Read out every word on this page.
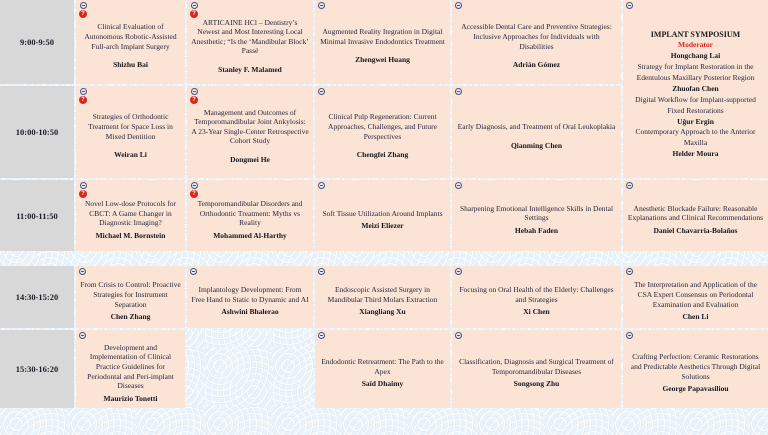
9:00-9:50
?
Clinical Evaluation of Autonomous Robotic-Assisted Full-arch Implant Surgery
Shizhu Bai
?
ARTICAINE HCl – Dentistry’s Newest and Most Interesting Local Anesthetic; “Is the ‘Mandibular Block’ Passé
Stanley F. Malamed
Augmented Reality Itegration in Digital Minimal Invasive Endodontics Treatment
Zhengwei Huang
Accessible Dental Care and Preventive Strategies: Inclusive Approaches for Individuals with Disabilities
Adrián Gómez
IMPLANT SYMPOSIUM
Moderator
Hongchang Lai
Strategy for Implant Restoration in the Edentulous Maxillary Posterior Region
Zhuofan Chen
Digital Workflow for Implant-supported Fixed Restorations
Uğur Ergin
Contemporary Approach to the Anterior Maxilla
Helder Moura
10:00-10:50
?
Strategies of Orthodontic Treatment for Space Loss in Mixed Dentition
Weiran Li
?
Management and Outcomes of Temporomandibular Joint Ankylosis: A 23-Year Single-Center Retrospective Cohort Study
Dongmei He
Clinical Pulp Regeneration: Current Approaches, Challenges, and Future Perspectives
Chengfei Zhang
Early Diagnosis, and Treatment of Oral Leukoplakia
Qianming Chen
11:00-11:50
?
Novel Low-dose Protocols for CBCT: A Game Changer in Diagnostic Imaging?
Michael M. Bornstein
?
Temporomandibular Disorders and Orthodontic Treatment: Myths vs Reality
Mohammed Al-Harthy
Soft Tissue Utilization Around Implants
Meizi Eliezer
Sharpening Emotional Intelligence Skills in Dental Settings
Hebah Faden
Anesthetic Blockade Failure: Reasonable Explanations and Clinical Recommendations
Daniel Chavarria-Bolaños
14:30-15:20
From Crisis to Control: Proactive Strategies for Instrument Separation
Chen Zhang
Implantology Development: From Free Hand to Static to Dynamic and AI
Ashwini Bhalerao
Endoscopic Assisted Surgery in Mandibular Third Molars Extraction
Xiangliang Xu
Focusing on Oral Health of the Elderly: Challenges and Strategies
Xi Chen
The Interpretation and Application of the CSA Expert Consensus on Periodontal Examination and Evaluation
Chen Li
15:30-16:20
Development and Implementation of Clinical Practice Guidelines for Periodontal and Peri-implant Diseases
Maurizio Tonetti
Endodontic Retreatment: The Path to the Apex
Saïd Dhaimy
Classification, Diagnosis and Surgical Treatment of Temporomandibular Diseases
Songsong Zhu
Crafting Perfection: Ceramic Restorations and Predictable Aesthetics Through Digital Solutions
George Papavasiliou
